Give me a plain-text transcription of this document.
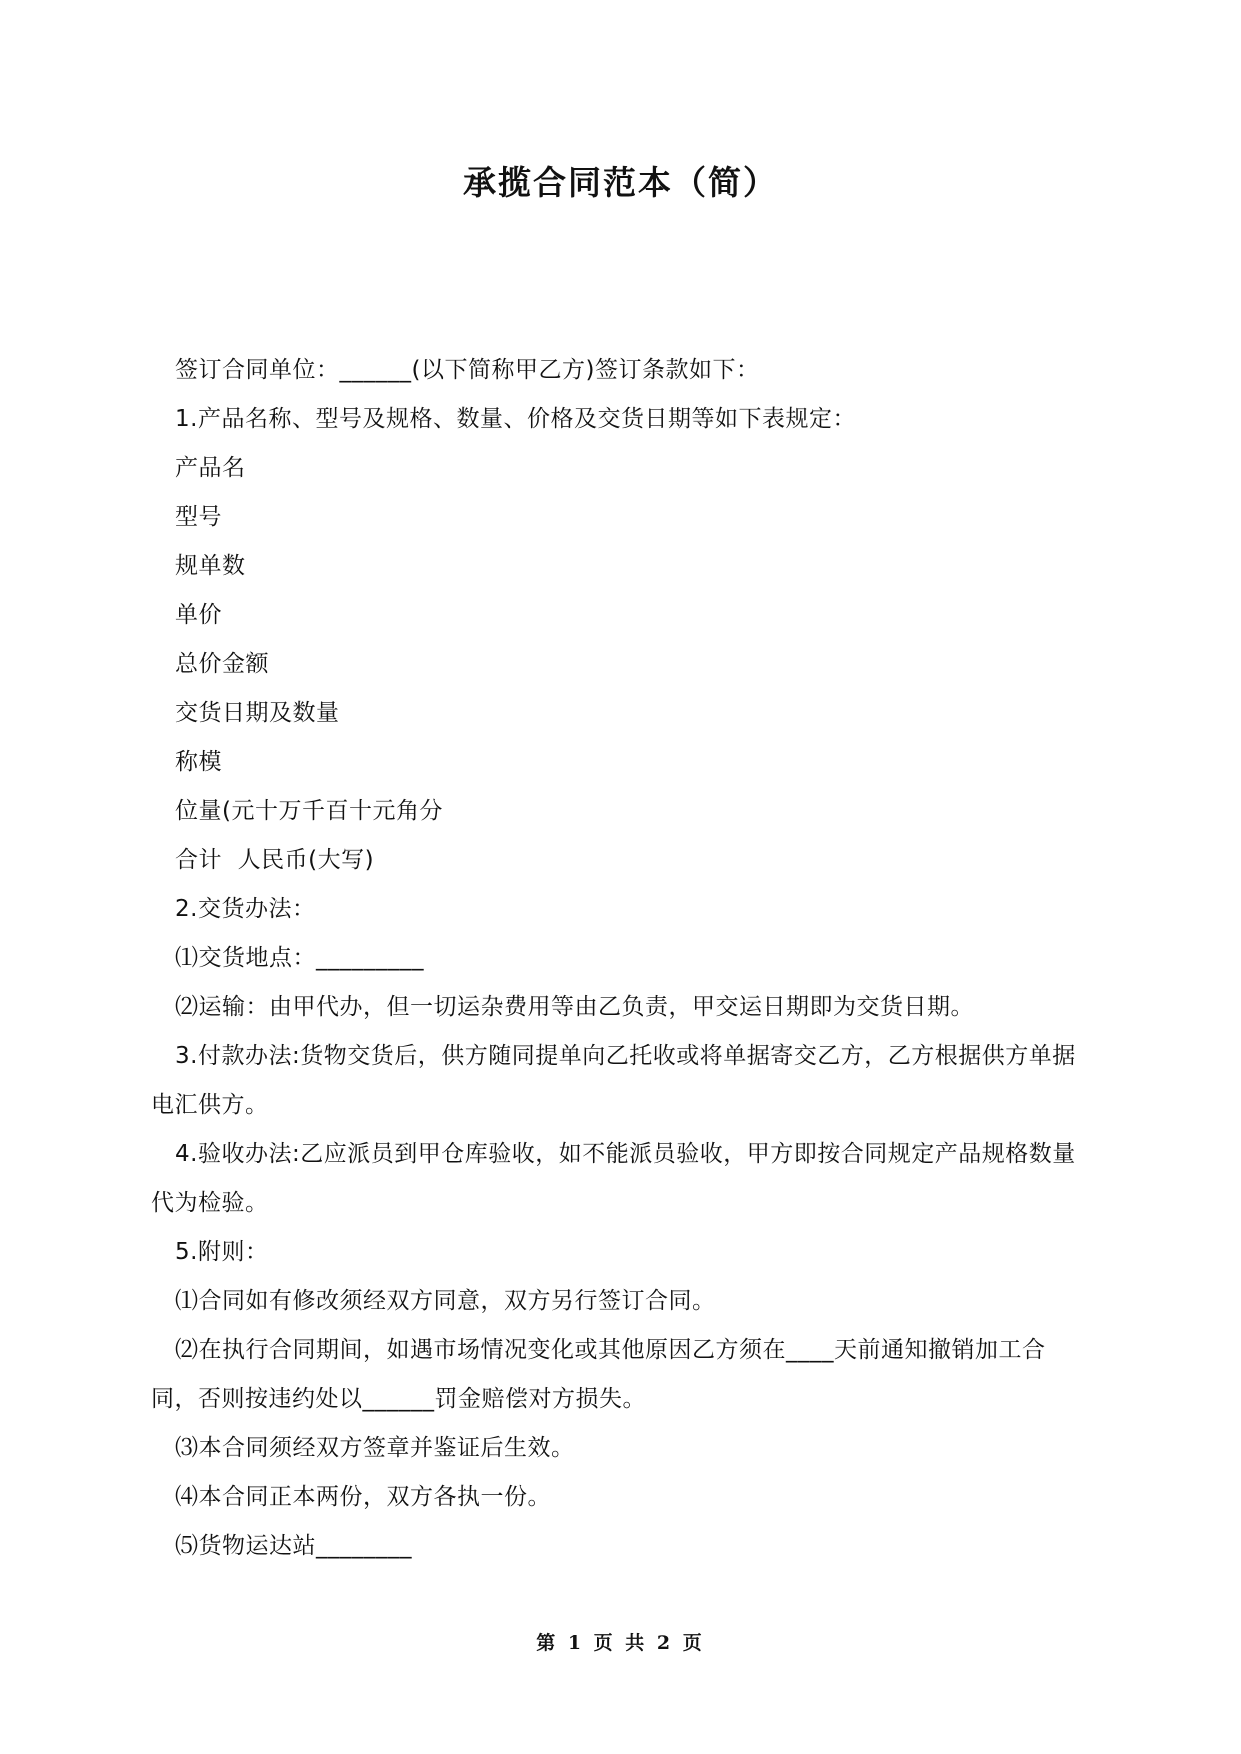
承揽合同范本（简）

签订合同单位：______(以下简称甲乙方)签订条款如下：

1.产品名称、型号及规格、数量、价格及交货日期等如下表规定：

产品名

型号

规单数

单价

总价金额

交货日期及数量

称模

位量(元十万千百十元角分

合计  人民币(大写)

2.交货办法：

⑴交货地点：_________

⑵运输：由甲代办，但一切运杂费用等由乙负责，甲交运日期即为交货日期。

3.付款办法:货物交货后，供方随同提单向乙托收或将单据寄交乙方，乙方根据供方单据电汇供方。

4.验收办法:乙应派员到甲仓库验收，如不能派员验收，甲方即按合同规定产品规格数量代为检验。

5.附则：

⑴合同如有修改须经双方同意，双方另行签订合同。

⑵在执行合同期间，如遇市场情况变化或其他原因乙方须在____天前通知撤销加工合同，否则按违约处以______罚金赔偿对方损失。

⑶本合同须经双方签章并鉴证后生效。

⑷本合同正本两份，双方各执一份。

⑸货物运达站________

第 1 页 共 2 页
